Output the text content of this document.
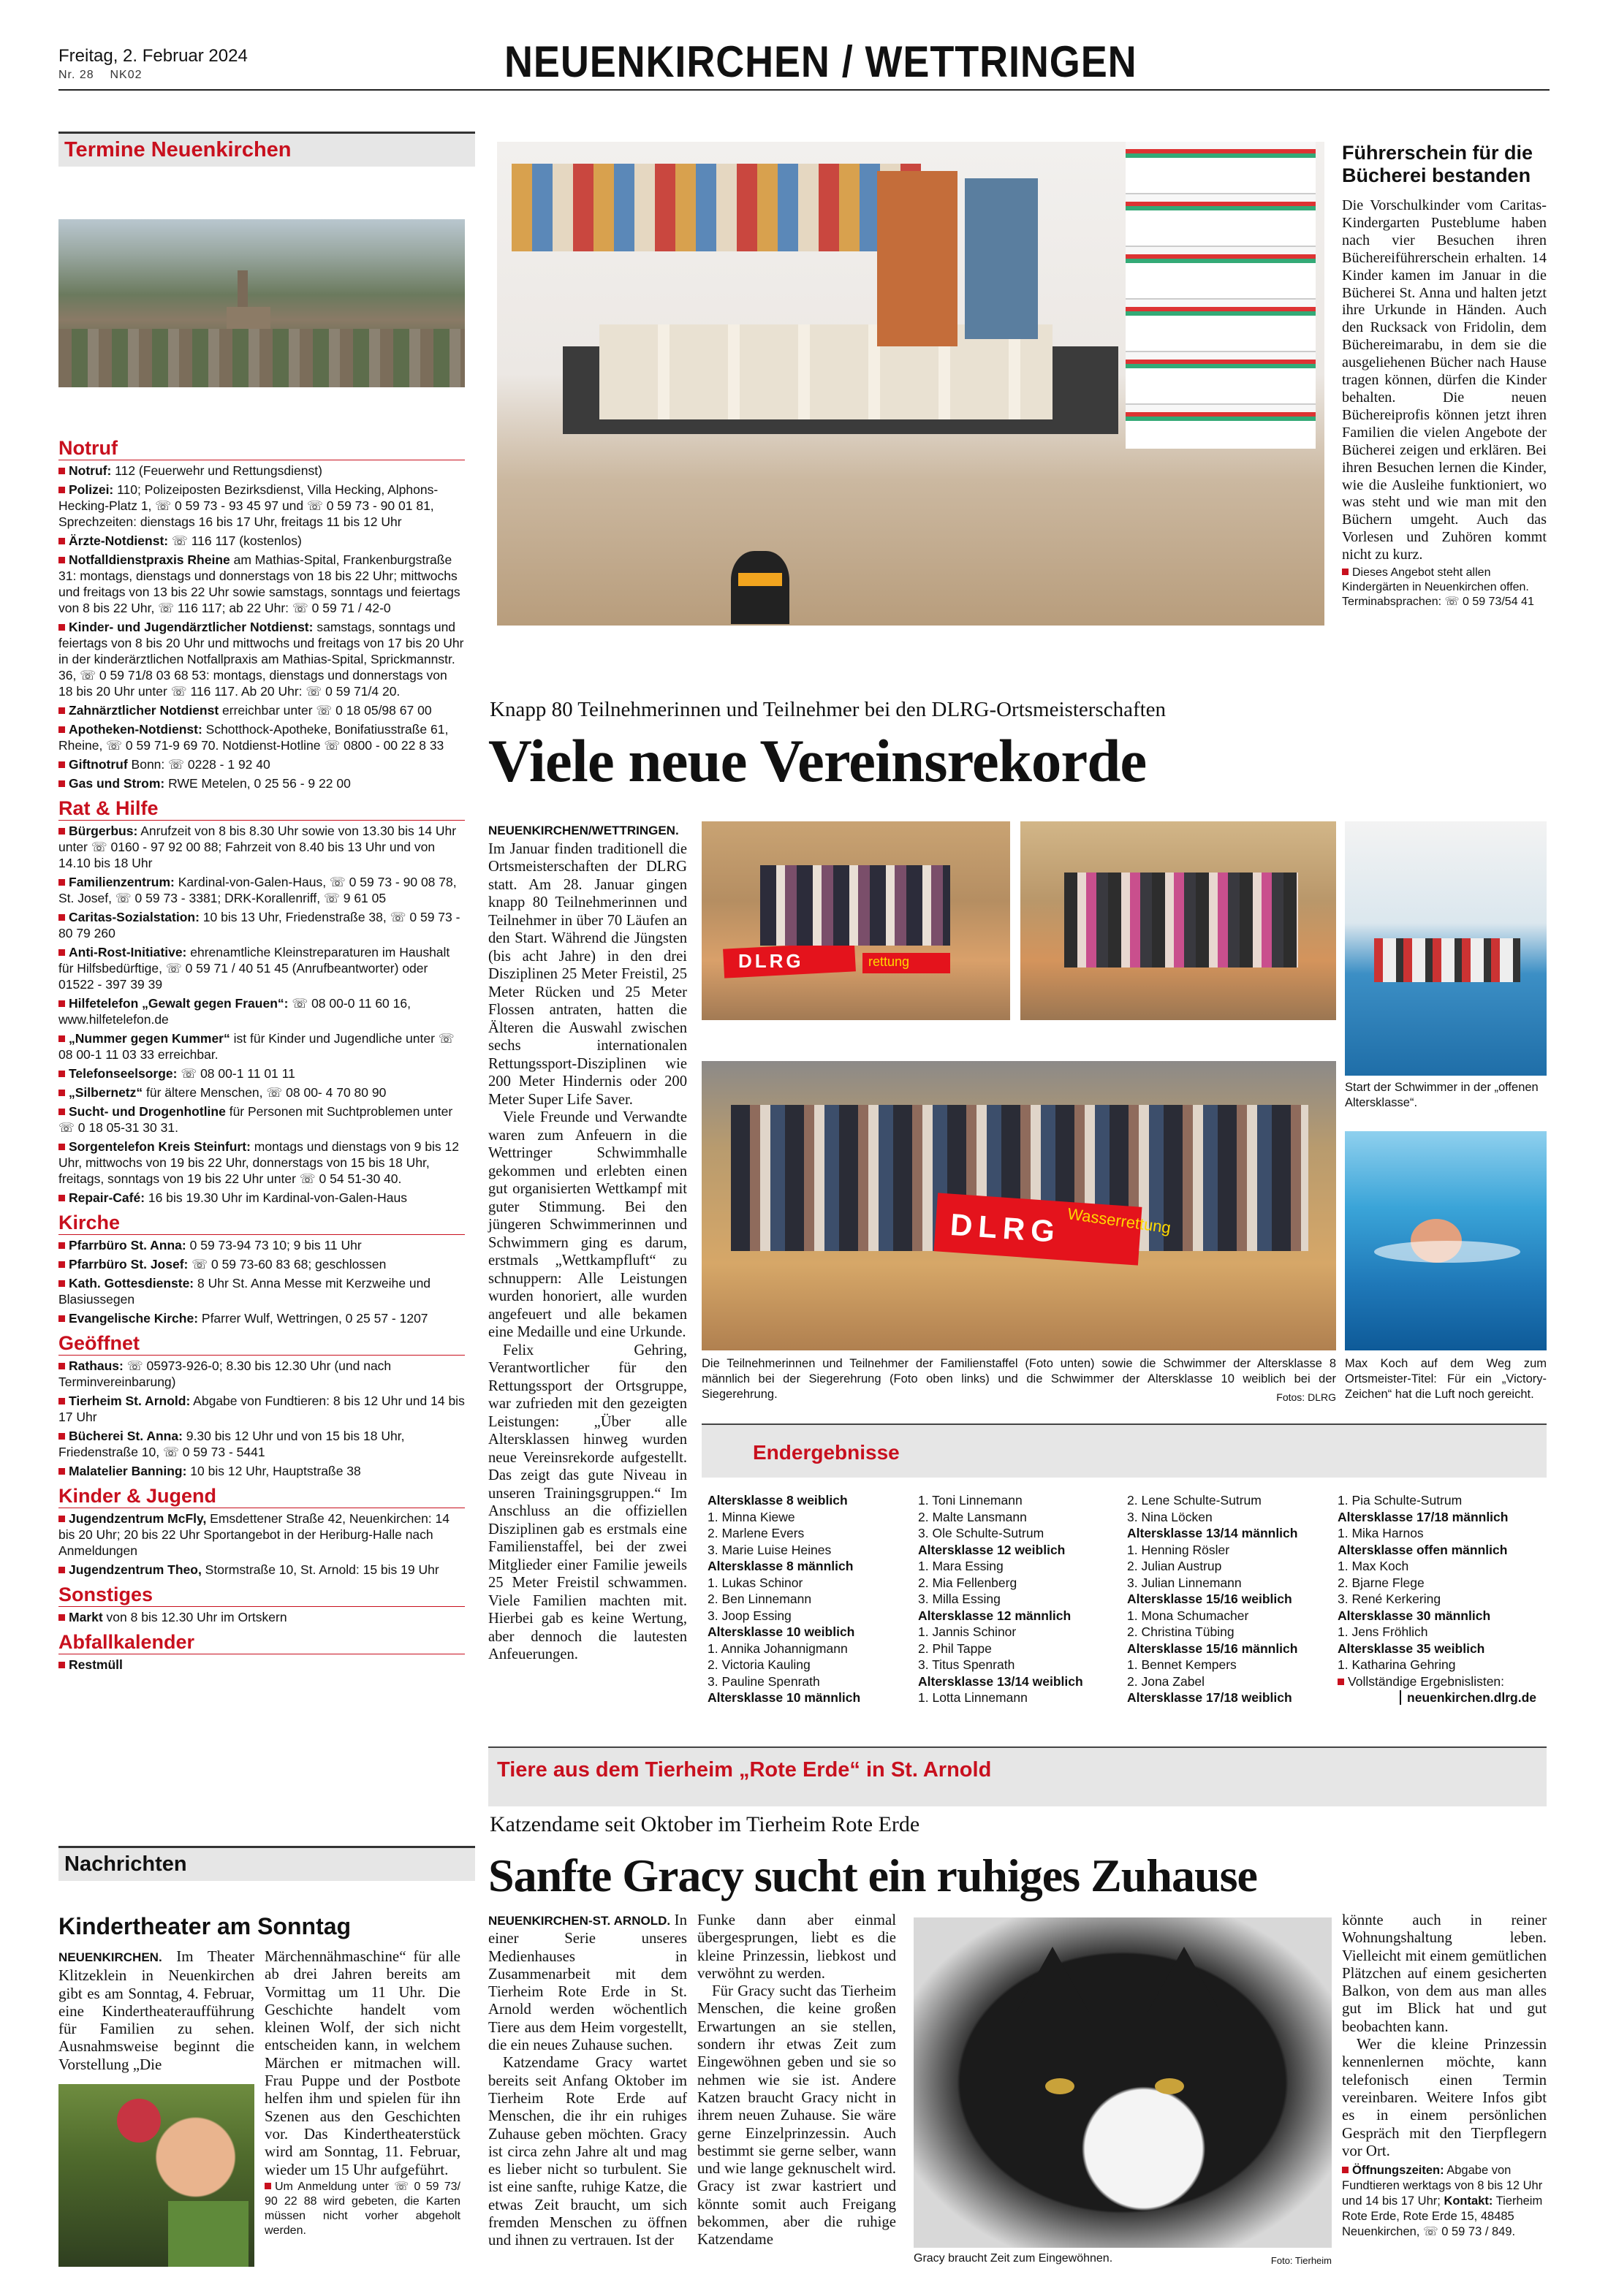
Freitag, 2. Februar 2024
Nr. 28 NK02	NEUENKIRCHEN / WETTRINGEN
Termine Neuenkirchen
Notruf
Notruf: 112 (Feuerwehr und Rettungsdienst)
Polizei: 110; Polizeiposten Bezirksdienst, Villa Hecking, Alphons-Hecking-Platz 1, ☏ 0 59 73 - 93 45 97 und ☏ 0 59 73 - 90 01 81, Sprechzeiten: dienstags 16 bis 17 Uhr, freitags 11 bis 12 Uhr
Ärzte-Notdienst: ☏ 116 117 (kostenlos)
Notfalldienstpraxis Rheine am Mathias-Spital, Frankenburgstraße 31: montags, dienstags und donnerstags von 18 bis 22 Uhr; mittwochs und freitags von 13 bis 22 Uhr sowie samstags, sonntags und feiertags von 8 bis 22 Uhr, ☏ 116 117; ab 22 Uhr: ☏ 0 59 71 / 42-0
Kinder- und Jugendärztlicher Notdienst: samstags, sonntags und feiertags von 8 bis 20 Uhr und mittwochs und freitags von 17 bis 20 Uhr in der kinderärztlichen Notfallpraxis am Mathias-Spital, Sprickmannstr. 36, ☏ 0 59 71/8 03 68 53: montags, dienstags und donnerstags von 18 bis 20 Uhr unter ☏ 116 117. Ab 20 Uhr: ☏ 0 59 71/4 20.
Zahnärztlicher Notdienst erreichbar unter ☏ 0 18 05/98 67 00
Apotheken-Notdienst: Schotthock-Apotheke, Bonifatiusstraße 61, Rheine, ☏ 0 59 71-9 69 70. Notdienst-Hotline ☏ 0800 - 00 22 8 33
Giftnotruf Bonn: ☏ 0228 - 1 92 40
Gas und Strom: RWE Metelen, 0 25 56 - 9 22 00
Rat & Hilfe
Bürgerbus: Anrufzeit von 8 bis 8.30 Uhr sowie von 13.30 bis 14 Uhr unter ☏ 0160 - 97 92 00 88; Fahrzeit von 8.40 bis 13 Uhr und von 14.10 bis 18 Uhr
Familienzentrum: Kardinal-von-Galen-Haus, ☏ 0 59 73 - 90 08 78, St. Josef, ☏ 0 59 73 - 3381; DRK-Korallenriff, ☏ 9 61 05
Caritas-Sozialstation: 10 bis 13 Uhr, Friedenstraße 38, ☏ 0 59 73 - 80 79 260
Anti-Rost-Initiative: ehrenamtliche Kleinstreparaturen im Haushalt für Hilfsbedürftige, ☏ 0 59 71 / 40 51 45 (Anrufbeantworter) oder 01522 - 397 39 39
Hilfetelefon „Gewalt gegen Frauen“: ☏ 08 00-0 11 60 16, www.hilfetelefon.de
„Nummer gegen Kummer“ ist für Kinder und Jugendliche unter ☏ 08 00-1 11 03 33 erreichbar.
Telefonseelsorge: ☏ 08 00-1 11 01 11
„Silbernetz“ für ältere Menschen, ☏ 08 00- 4 70 80 90
Sucht- und Drogenhotline für Personen mit Suchtproblemen unter ☏ 0 18 05-31 30 31.
Sorgentelefon Kreis Steinfurt: montags und dienstags von 9 bis 12 Uhr, mittwochs von 19 bis 22 Uhr, donnerstags von 15 bis 18 Uhr, freitags, sonntags von 19 bis 22 Uhr unter ☏ 0 54 51-30 40.
Repair-Café: 16 bis 19.30 Uhr im Kardinal-von-Galen-Haus
Kirche
Pfarrbüro St. Anna: 0 59 73-94 73 10; 9 bis 11 Uhr
Pfarrbüro St. Josef: ☏ 0 59 73-60 83 68; geschlossen
Kath. Gottesdienste: 8 Uhr St. Anna Messe mit Kerzweihe und Blasiussegen
Evangelische Kirche: Pfarrer Wulf, Wettringen, 0 25 57 - 1207
Geöffnet
Rathaus: ☏ 05973-926-0; 8.30 bis 12.30 Uhr (und nach Terminvereinbarung)
Tierheim St. Arnold: Abgabe von Fundtieren: 8 bis 12 Uhr und 14 bis 17 Uhr
Bücherei St. Anna: 9.30 bis 12 Uhr und von 15 bis 18 Uhr, Friedenstraße 10, ☏ 0 59 73 - 5441
Malatelier Banning: 10 bis 12 Uhr, Hauptstraße 38
Kinder & Jugend
Jugendzentrum McFly, Emsdettener Straße 42, Neuenkirchen: 14 bis 20 Uhr; 20 bis 22 Uhr Sportangebot in der Heriburg-Halle nach Anmeldungen
Jugendzentrum Theo, Stormstraße 10, St. Arnold: 15 bis 19 Uhr
Sonstiges
Markt von 8 bis 12.30 Uhr im Ortskern
Abfallkalender
Restmüll
Nachrichten
Kindertheater am Sonntag

NEUENKIRCHEN. Im Theater Klitzeklein in Neuenkirchen gibt es am Sonntag, 4. Februar, eine Kindertheateraufführung für Familien zu sehen. Ausnahmsweise beginnt die Vorstellung „Die

Märchennähmaschine“ für alle ab drei Jahren bereits am Vormittag um 11 Uhr. Die Geschichte handelt vom kleinen Wolf, der sich nicht entscheiden kann, in welchem Märchen er mitmachen will. Frau Puppe und der Postbote helfen ihm und spielen für ihn Szenen aus den Geschichten vor. Das Kindertheaterstück wird am Sonntag, 11. Februar, wieder um 15 Uhr aufgeführt.

Um Anmeldung unter ☏ 0 59 73/ 90 22 88 wird gebeten, die Karten müssen nicht vorher abgeholt werden.
Führerschein für die Bücherei bestanden
Die Vorschulkinder vom Caritas-Kindergarten Pusteblume haben nach vier Besuchen ihren Büchereiführerschein erhalten. 14 Kinder kamen im Januar in die Bücherei St. Anna und halten jetzt ihre Urkunde in Händen. Auch den Rucksack von Fridolin, dem Büchereimarabu, in dem sie die ausgeliehenen Bücher nach Hause tragen können, dürfen die Kinder behalten. Die neuen Büchereiprofis können jetzt ihren Familien die vielen Angebote der Bücherei zeigen und erklären. Bei ihren Besuchen lernen die Kinder, wie die Ausleihe funktioniert, wo was steht und wie man mit den Büchern umgeht. Auch das Vorlesen und Zuhören kommt nicht zu kurz.
Dieses Angebot steht allen Kindergärten in Neuenkirchen offen. Terminabsprachen: ☏ 0 59 73/54 41
Knapp 80 Teilnehmerinnen und Teilnehmer bei den DLRG-Ortsmeisterschaften
Viele neue Vereinsrekorde

NEUENKIRCHEN/WETTRINGEN.
Im Januar finden traditionell die Ortsmeisterschaften der DLRG statt. Am 28. Januar gingen knapp 80 Teilnehmerinnen und Teilnehmer in über 70 Läufen an den Start. Während die Jüngsten (bis acht Jahre) in den drei Disziplinen 25 Meter Freistil, 25 Meter Rücken und 25 Meter Flossen antraten, hatten die Älteren die Auswahl zwischen sechs internationalen Rettungssport-Disziplinen wie 200 Meter Hindernis oder 200 Meter Super Life Saver.

Viele Freunde und Verwandte waren zum Anfeuern in die Wettringer Schwimmhalle gekommen und erlebten einen gut organisierten Wettkampf mit guter Stimmung. Bei den jüngeren Schwimmerinnen und Schwimmern ging es darum, erstmals „Wettkampfluft“ zu schnuppern: Alle Leistungen wurden honoriert, alle wurden angefeuert und alle bekamen eine Medaille und eine Urkunde.

Felix Gehring, Verantwortlicher für den Rettungssport der Ortsgruppe, war zufrieden mit den gezeigten Leistungen: „Über alle Altersklassen hinweg wurden neue Vereinsrekorde aufgestellt. Das zeigt das gute Niveau in unseren Trainingsgruppen.“ Im Anschluss an die offiziellen Disziplinen gab es erstmals eine Familienstaffel, bei der zwei Mitglieder einer Familie jeweils 25 Meter Freistil schwammen. Viele Familien machten mit. Hierbei gab es keine Wertung, aber dennoch die lautesten Anfeuerungen.

DLRG	rettung
Start der Schwimmer in der „offenen Altersklasse“.
DLRG Wasserrettung
Die Teilnehmerinnen und Teilnehmer der Familienstaffel (Foto unten) sowie die Schwimmer der Altersklasse 8 männlich bei der Siegerehrung (Foto oben links) und die Schwimmer der Altersklasse 10 weiblich bei der Siegerehrung.	Fotos: DLRG
Max Koch auf dem Weg zum Ortsmeister-Titel: Für ein „Victory-Zeichen“ hat die Luft noch gereicht.
Endergebnisse
Altersklasse 8 weiblich
1. Minna Kiewe
2. Marlene Evers
3. Marie Luise Heines
Altersklasse 8 männlich
1. Lukas Schinor
2. Ben Linnemann
3. Joop Essing
Altersklasse 10 weiblich
1. Annika Johannigmann
2. Victoria Kauling
3. Pauline Spenrath
Altersklasse 10 männlich
1. Toni Linnemann
2. Malte Lansmann
3. Ole Schulte-Sutrum
Altersklasse 12 weiblich
1. Mara Essing
2. Mia Fellenberg
3. Milla Essing
Altersklasse 12 männlich
1. Jannis Schinor
2. Phil Tappe
3. Titus Spenrath
Altersklasse 13/14 weiblich
1. Lotta Linnemann
2. Lene Schulte-Sutrum
3. Nina Löcken
Altersklasse 13/14 männlich
1. Henning Rösler
2. Julian Austrup
3. Julian Linnemann
Altersklasse 15/16 weiblich
1. Mona Schumacher
2. Christina Tübing
Altersklasse 15/16 männlich
1. Bennet Kempers
2. Jona Zabel
Altersklasse 17/18 weiblich
1. Pia Schulte-Sutrum
Altersklasse 17/18 männlich
1. Mika Harnos
Altersklasse offen männlich
1. Max Koch
2. Bjarne Flege
3. René Kerkering
Altersklasse 30 männlich
1. Jens Fröhlich
Altersklasse 35 weiblich
1. Katharina Gehring
Vollständige Ergebnislisten:
neuenkirchen.dlrg.de
Tiere aus dem Tierheim „Rote Erde“ in St. Arnold
Katzendame seit Oktober im Tierheim Rote Erde
Sanfte Gracy sucht ein ruhiges Zuhause

NEUENKIRCHEN-ST. ARNOLD. In einer Serie unseres Medienhauses in Zusammenarbeit mit dem Tierheim Rote Erde in St. Arnold werden wöchentlich Tiere aus dem Heim vorgestellt, die ein neues Zuhause suchen.

Katzendame Gracy wartet bereits seit Anfang Oktober im Tierheim Rote Erde auf Menschen, die ihr ein ruhiges Zuhause geben möchten. Gracy ist circa zehn Jahre alt und mag es lieber nicht so turbulent. Sie ist eine sanfte, ruhige Katze, die etwas Zeit braucht, um sich fremden Menschen zu öffnen und ihnen zu vertrauen. Ist der

Funke dann aber einmal übergesprungen, liebt es die kleine Prinzessin, liebkost und verwöhnt zu werden.

Für Gracy sucht das Tierheim Menschen, die keine großen Erwartungen an sie stellen, sondern ihr etwas Zeit zum Eingewöhnen geben und sie so nehmen wie sie ist. Andere Katzen braucht Gracy nicht in ihrem neuen Zuhause. Sie wäre gerne Einzelprinzessin. Auch bestimmt sie gerne selber, wann und wie lange geknuschelt wird. Gracy ist zwar kastriert und könnte somit auch Freigang bekommen, aber die ruhige Katzendame

Gracy braucht Zeit zum Eingewöhnen.	Foto: Tierheim

könnte auch in reiner Wohnungshaltung leben. Vielleicht mit einem gemütlichen Plätzchen auf einem gesicherten Balkon, von dem aus man alles gut im Blick hat und gut beobachten kann.

Wer die kleine Prinzessin kennenlernen möchte, kann telefonisch einen Termin vereinbaren. Weitere Infos gibt es in einem persönlichen Gespräch mit den Tierpflegern vor Ort.

Öffnungszeiten: Abgabe von Fundtieren werktags von 8 bis 12 Uhr und 14 bis 17 Uhr; Kontakt: Tierheim Rote Erde, Rote Erde 15, 48485 Neuenkirchen, ☏ 0 59 73 / 849.
